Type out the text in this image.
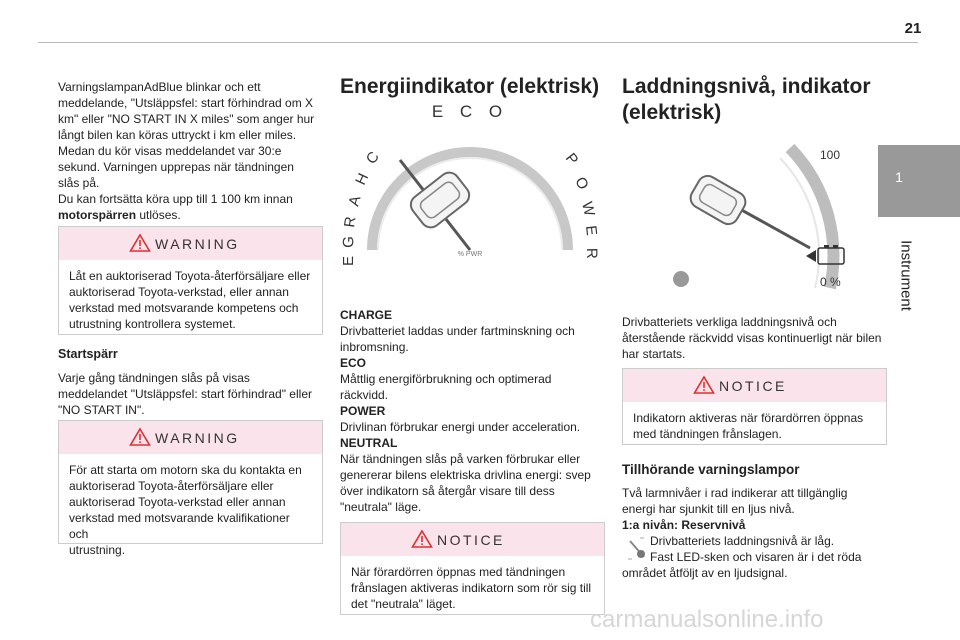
21
1
Instrument
VarningslampanAdBlue blinkar och ett
meddelande, "Utsläppsfel: start förhindrad om X
km" eller "NO START IN X miles" som anger hur
långt bilen kan köras uttryckt i km eller miles.
Medan du kör visas meddelandet var 30:e
sekund. Varningen upprepas när tändningen
slås på.
Du kan fortsätta köra upp till 1 100 km innan
motorspärren utlöses.
WARNING
Låt en auktoriserad Toyota-återförsäljare eller
auktoriserad Toyota-verkstad, eller annan
verkstad med motsvarande kompetens och
utrustning kontrollera systemet.
Startspärr
Varje gång tändningen slås på visas
meddelandet "Utsläppsfel: start förhindrad" eller
"NO START IN".
WARNING
För att starta om motorn ska du kontakta en
auktoriserad Toyota-återförsäljare eller
auktoriserad Toyota-verkstad eller annan
verkstad med motsvarande kvalifikationer och
utrustning.
Energiindikator (elektrisk)
E C O
C
H
A
R
G
E
P
O
W
E
R
% PWR
CHARGE
Drivbatteriet laddas under fartminskning och
inbromsning.
ECO
Måttlig energiförbrukning och optimerad
räckvidd.
POWER
Drivlinan förbrukar energi under acceleration.
NEUTRAL
När tändningen slås på varken förbrukar eller
genererar bilens elektriska drivlina energi: svep
över indikatorn så återgår visare till dess
"neutrala" läge.
NOTICE
När förardörren öppnas med tändningen
frånslagen aktiveras indikatorn som rör sig till
det "neutrala" läget.
Laddningsnivå, indikator
(elektrisk)
100
0 %
Drivbatteriets verkliga laddningsnivå och
återstående räckvidd visas kontinuerligt när bilen
har startats.
NOTICE
Indikatorn aktiveras när förardörren öppnas
med tändningen frånslagen.
Tillhörande varningslampor
Två larmnivåer i rad indikerar att tillgänglig
energi har sjunkit till en ljus nivå.
1:a nivån: Reservnivå
Drivbatteriets laddningsnivå är låg.
Fast LED-sken och visaren är i det röda
området åtföljt av en ljudsignal.
carmanualsonline.info
